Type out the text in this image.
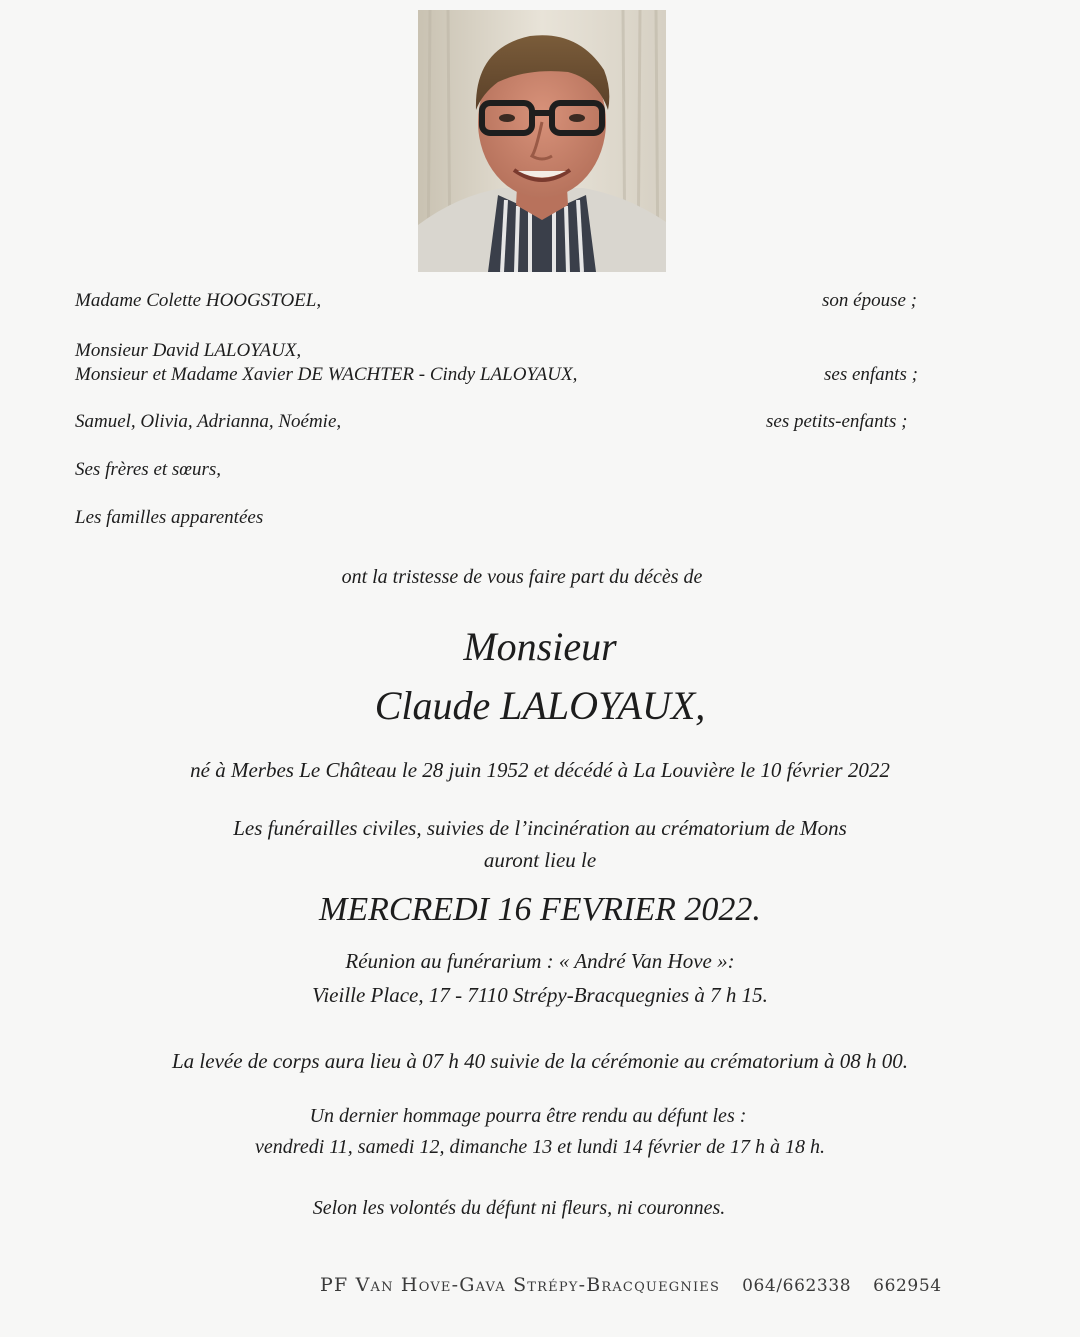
Madame Colette HOOGSTOEL,	son épouse ;
Monsieur David LALOYAUX,
Monsieur et Madame Xavier DE WACHTER - Cindy LALOYAUX,	ses enfants ;
Samuel, Olivia, Adrianna, Noémie,	ses petits-enfants ;
Ses frères et sœurs,
Les familles apparentées
ont la tristesse de vous faire part du décès de
Monsieur
Claude LALOYAUX,
né à Merbes Le Château le 28 juin 1952 et décédé à La Louvière le 10 février 2022
Les funérailles civiles, suivies de l’incinération au crématorium de Mons
auront lieu le
MERCREDI 16 FEVRIER 2022.
Réunion au funérarium : « André Van Hove »:
Vieille Place, 17 - 7110 Strépy-Bracquegnies à 7 h 15.
La levée de corps aura lieu à 07 h 40 suivie de la cérémonie au crématorium à 08 h 00.
Un dernier hommage pourra être rendu au défunt les :
vendredi 11, samedi 12, dimanche 13 et lundi 14 février de 17 h à 18 h.
Selon les volontés du défunt ni fleurs, ni couronnes.
PF Van Hove-Gava Strépy-Bracquegnies 064/662338 662954
